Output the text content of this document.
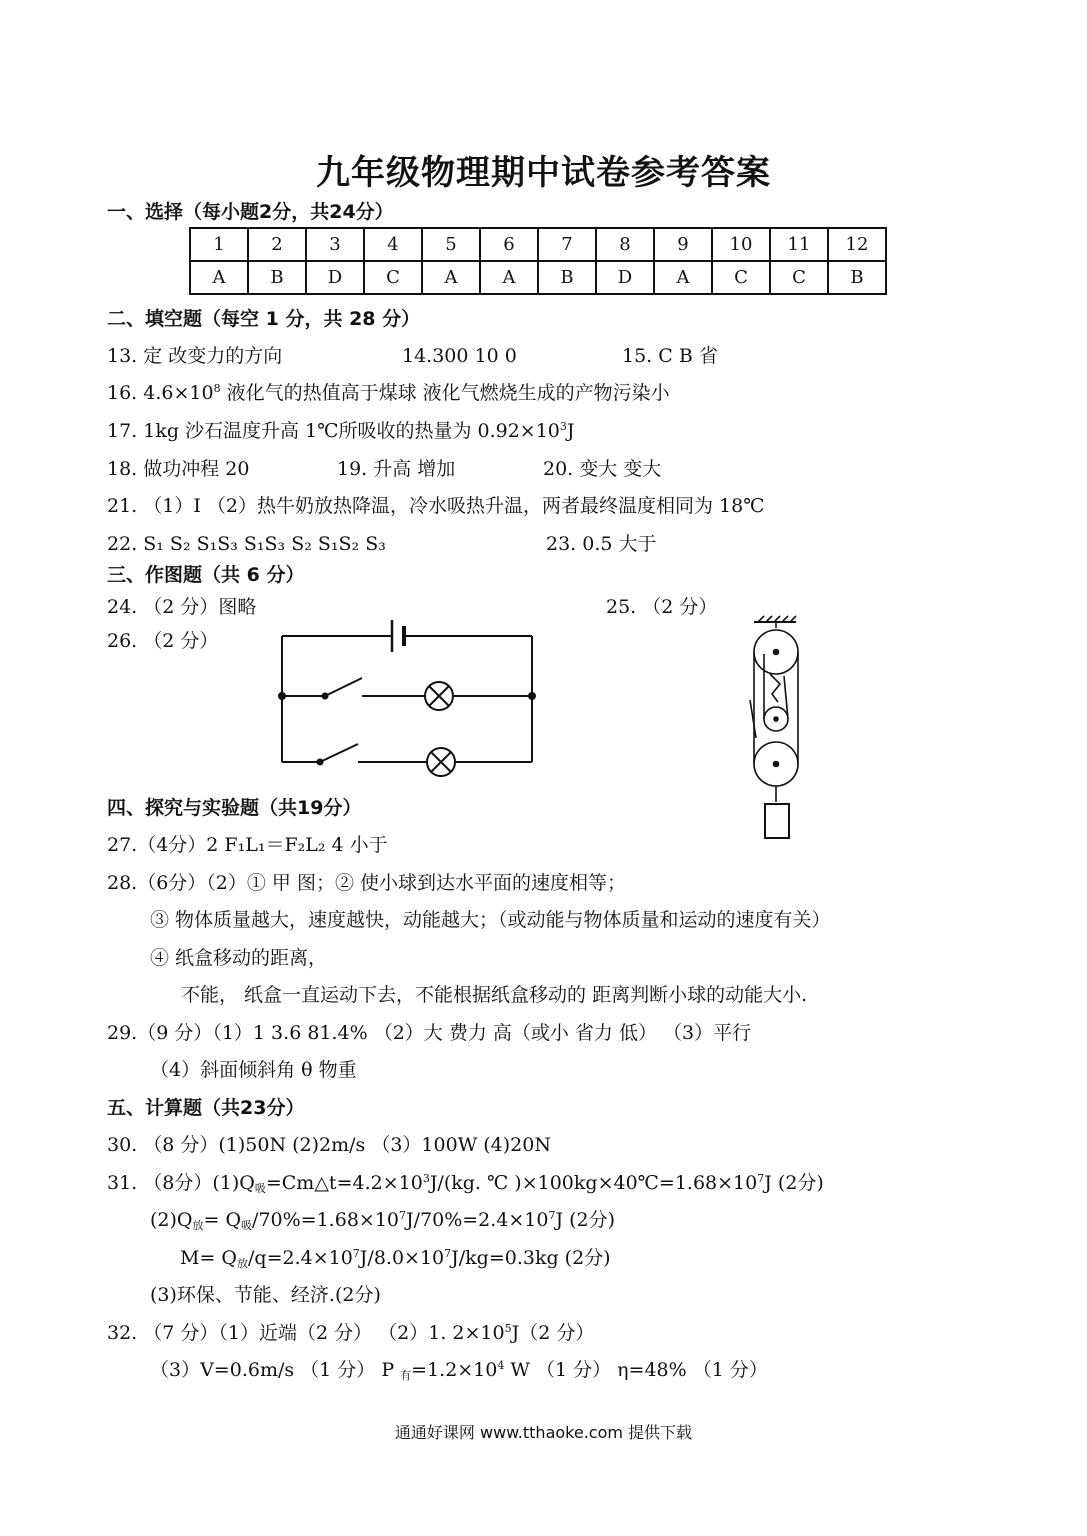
九年级物理期中试卷参考答案
一、选择（每小题2分，共24分）
1	2	3	4	5	6	7	8	9	10	11	12
A	B	D	C	A	A	B	D	A	C	C	B
二、填空题（每空 1 分，共 28 分）
13. 定 改变力的方向	14.300 10 0	15. C B 省
16. $4.6\times 10^8$ 液化气的热值高于煤球 液化气燃烧生成的产物污染小
17. 1kg 沙石温度升高 1℃所吸收的热量为 $0.92\times 10^3J$
18. 做功冲程 20	19. 升高 增加	20. 变大 变大
21. （1）I （2）热牛奶放热降温，冷水吸热升温，两者最终温度相同为 18℃
22. S₁ S₂ S₁S₃ S₁S₃ S₂ S₁S₂ S₃	23. 0.5 大于
三、作图题（共 6 分）
24. （2 分）图略	25. （2 分）
26. （2 分）
四、探究与实验题（共19分）
27.（4分）2 F₁L₁＝F₂L₂ 4 小于
28.（6分）（2）① 甲 图；② 使小球到达水平面的速度相等；
③ 物体质量越大，速度越快，动能越大；（或动能与物体质量和运动的速度有关）
④ 纸盒移动的距离，
不能， 纸盒一直运动下去，不能根据纸盒移动的 距离判断小球的动能大小.
29.（9 分）（1）1 3.6 81.4% （2）大 费力 高（或小 省力 低） （3）平行
（4）斜面倾斜角 θ 物重
五、计算题（共23分）
30. （8 分）(1)50N (2)2m/s （3）100W (4)20N
31. （8分）$(1)Q_吸=Cm\triangle t=4.2\times 10^3J/(kg$. ℃ )$\times 100kg\times 40℃=1.68\times 10^7J$ (2分)
$(2)Q_放= Q_吸/70\%=1.68\times 10^7J/70\%=2.4\times 10^7J$ (2分)
$M= Q_放/q=2.4\times 10^7J/8.0\times 10^7J/kg=0.3kg$ (2分)
(3)环保、节能、经济.(2分)
32. （7 分）（1）近端（2 分） （2）1. $2\times 10^5J(2$ 分）
（3）V=0.6m/s （1 分） P $_有=1.2\times 10^4$ W （1 分） η=48% （1 分）
通通好课网 www.tthaoke.com 提供下载
